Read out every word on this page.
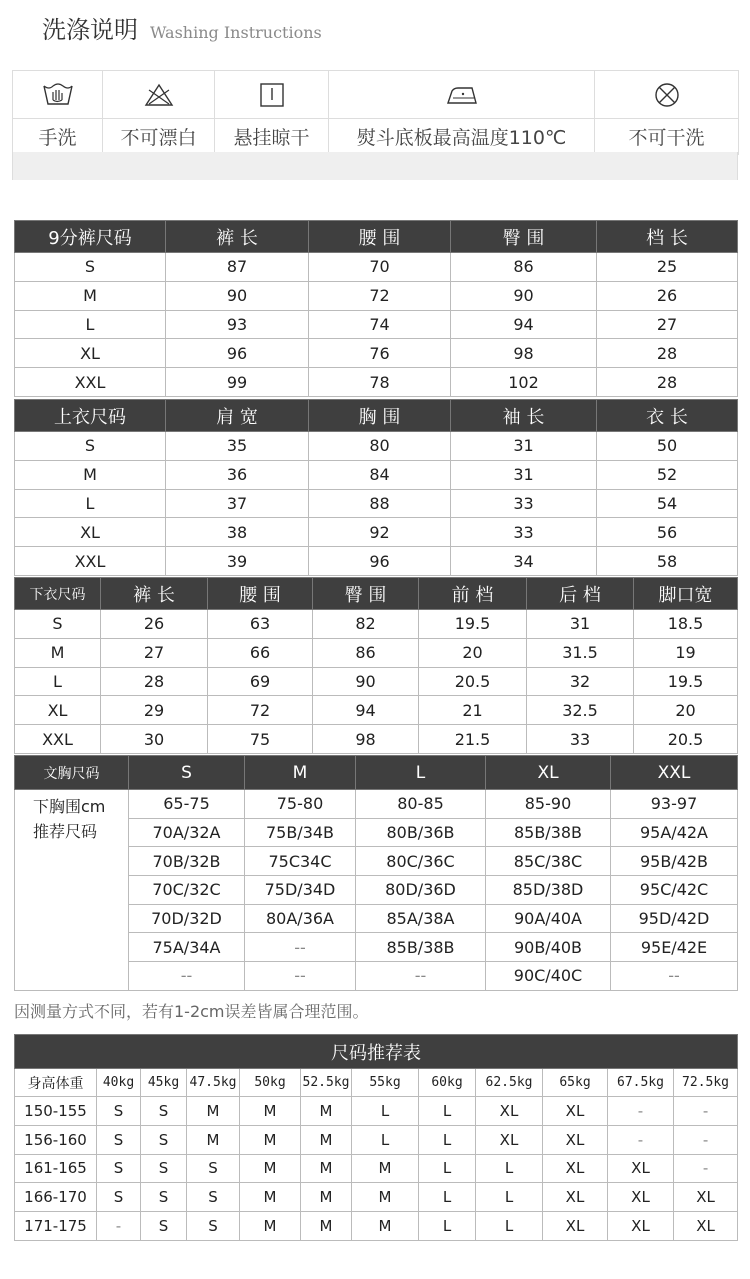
洗涤说明 Washing Instructions

手洗	不可漂白	悬挂晾干	熨斗底板最高温度110℃	不可干洗
9分裤尺码	裤 长	腰 围	臀 围	档 长
S	87	70	86	25
M	90	72	90	26
L	93	74	94	27
XL	96	76	98	28
XXL	99	78	102	28
上衣尺码	肩 宽	胸 围	袖 长	衣 长
S	35	80	31	50
M	36	84	31	52
L	37	88	33	54
XL	38	92	33	56
XXL	39	96	34	58
下衣尺码	裤 长	腰 围	臀 围	前 档	后 档	脚口宽
S	26	63	82	19.5	31	18.5
M	27	66	86	20	31.5	19
L	28	69	90	20.5	32	19.5
XL	29	72	94	21	32.5	20
XXL	30	75	98	21.5	33	20.5
文胸尺码	S	M	L	XL	XXL

下胸围cm
推荐尺码	65-75	75-80	80-85	85-90	93-97
	70A/32A	75B/34B	80B/36B	85B/38B	95A/42A
	70B/32B	75C34C	80C/36C	85C/38C	95B/42B
	70C/32C	75D/34D	80D/36D	85D/38D	95C/42C
	70D/32D	80A/36A	85A/38A	90A/40A	95D/42D
	75A/34A	--	85B/38B	90B/40B	95E/42E
	--	--	--	90C/40C	--
因测量方式不同，若有1-2cm误差皆属合理范围。
尺码推荐表											
身高体重	40kg	45kg	47.5kg	50kg	52.5kg	55kg	60kg	62.5kg	65kg	67.5kg	72.5kg
150-155	S	S	M	M	M	L	L	XL	XL	-	-
156-160	S	S	M	M	M	L	L	XL	XL	-	-
161-165	S	S	S	M	M	M	L	L	XL	XL	-
166-170	S	S	S	M	M	M	L	L	XL	XL	XL
171-175	-	S	S	M	M	M	L	L	XL	XL	XL
